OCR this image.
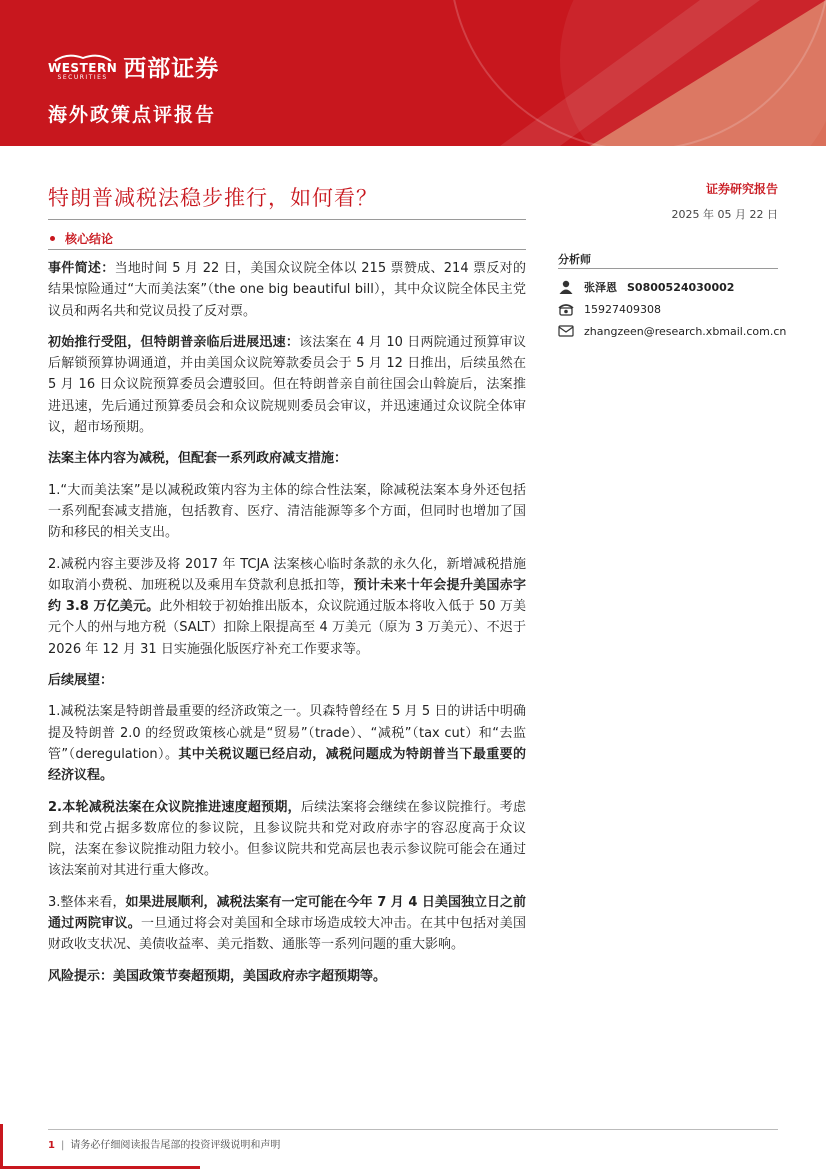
WESTERN
SECURITIES 西部证券
海外政策点评报告
特朗普减税法稳步推行，如何看？	证券研究报告
2025 年 05 月 22 日
核心结论

事件简述：当地时间 5 月 22 日，美国众议院全体以 215 票赞成、214 票反对的结果惊险通过“大而美法案”（the one big beautiful bill），其中众议院全体民主党议员和两名共和党议员投了反对票。

初始推行受阻，但特朗普亲临后进展迅速：该法案在 4 月 10 日两院通过预算审议后解锁预算协调通道，并由美国众议院筹款委员会于 5 月 12 日推出，后续虽然在 5 月 16 日众议院预算委员会遭驳回。但在特朗普亲自前往国会山斡旋后，法案推进迅速，先后通过预算委员会和众议院规则委员会审议，并迅速通过众议院全体审议，超市场预期。

法案主体内容为减税，但配套一系列政府减支措施：

1.“大而美法案”是以减税政策内容为主体的综合性法案，除减税法案本身外还包括一系列配套减支措施，包括教育、医疗、清洁能源等多个方面，但同时也增加了国防和移民的相关支出。

2.减税内容主要涉及将 2017 年 TCJA 法案核心临时条款的永久化，新增减税措施如取消小费税、加班税以及乘用车贷款利息抵扣等，预计未来十年会提升美国赤字约 3.8 万亿美元。此外相较于初始推出版本，众议院通过版本将收入低于 50 万美元个人的州与地方税（SALT）扣除上限提高至 4 万美元（原为 3 万美元）、不迟于 2026 年 12 月 31 日实施强化版医疗补充工作要求等。

后续展望：

1.减税法案是特朗普最重要的经济政策之一。贝森特曾经在 5 月 5 日的讲话中明确提及特朗普 2.0 的经贸政策核心就是“贸易”（trade）、“减税”（tax cut）和“去监管”（deregulation）。其中关税议题已经启动，减税问题成为特朗普当下最重要的经济议程。

2.本轮减税法案在众议院推进速度超预期，后续法案将会继续在参议院推行。考虑到共和党占据多数席位的参议院，且参议院共和党对政府赤字的容忍度高于众议院，法案在参议院推动阻力较小。但参议院共和党高层也表示参议院可能会在通过该法案前对其进行重大修改。

3.整体来看，如果进展顺利，减税法案有一定可能在今年 7 月 4 日美国独立日之前通过两院审议。一旦通过将会对美国和全球市场造成较大冲击。在其中包括对美国财政收支状况、美债收益率、美元指数、通胀等一系列问题的重大影响。

风险提示：美国政策节奏超预期，美国政府赤字超预期等。

分析师
张泽恩 S0800524030002
15927409308
zhangzeen@research.xbmail.com.cn
1 | 请务必仔细阅读报告尾部的投资评级说明和声明
